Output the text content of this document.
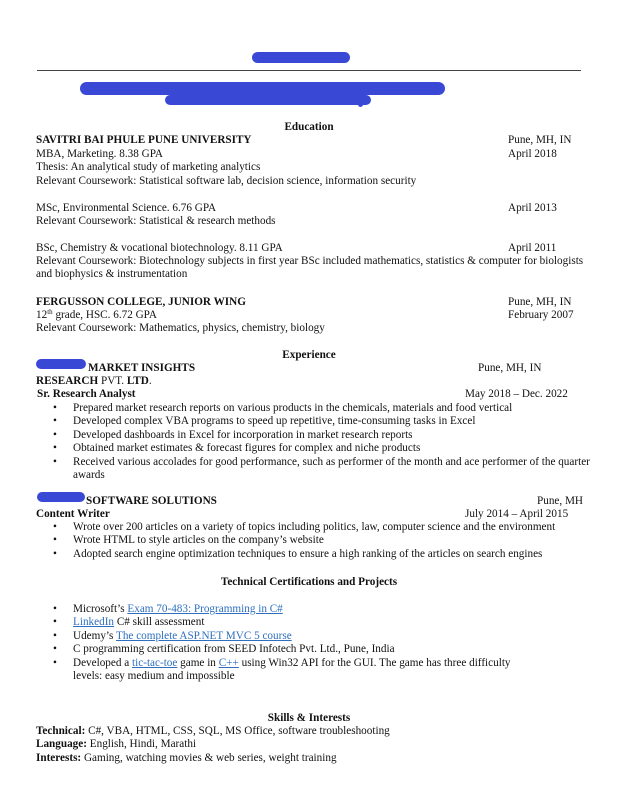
Education
SAVITRI BAI PHULE PUNE UNIVERSITY	Pune, MH, IN
MBA, Marketing. 8.38 GPA	April 2018
Thesis: An analytical study of marketing analytics
Relevant Coursework: Statistical software lab, decision science, information security
MSc, Environmental Science. 6.76 GPA	April 2013
Relevant Coursework: Statistical & research methods
BSc, Chemistry & vocational biotechnology. 8.11 GPA	April 2011
Relevant Coursework: Biotechnology subjects in first year BSc included mathematics, statistics & computer for biologists and biophysics & instrumentation
FERGUSSON COLLEGE, JUNIOR WING	Pune, MH, IN
12th grade, HSC. 6.72 GPA	February 2007
Relevant Coursework: Mathematics, physics, chemistry, biology
Experience
MARKET INSIGHTS	Pune, MH, IN
RESEARCH PVT. LTD.
Sr. Research Analyst	May 2018 – Dec. 2022
• Prepared market research reports on various products in the chemicals, materials and food vertical
• Developed complex VBA programs to speed up repetitive, time-consuming tasks in Excel
• Developed dashboards in Excel for incorporation in market research reports
• Obtained market estimates & forecast figures for complex and niche products
• Received various accolades for good performance, such as performer of the month and ace performer of the quarter awards
SOFTWARE SOLUTIONS	Pune, MH
Content Writer	July 2014 – April 2015
• Wrote over 200 articles on a variety of topics including politics, law, computer science and the environment
• Wrote HTML to style articles on the company’s website
• Adopted search engine optimization techniques to ensure a high ranking of the articles on search engines
Technical Certifications and Projects
• Microsoft’s Exam 70-483: Programming in C#
• LinkedIn C# skill assessment
• Udemy’s The complete ASP.NET MVC 5 course
• C programming certification from SEED Infotech Pvt. Ltd., Pune, India
• Developed a tic-tac-toe game in C++ using Win32 API for the GUI. The game has three difficulty levels: easy medium and impossible
Skills & Interests
Technical: C#, VBA, HTML, CSS, SQL, MS Office, software troubleshooting
Language: English, Hindi, Marathi
Interests: Gaming, watching movies & web series, weight training
